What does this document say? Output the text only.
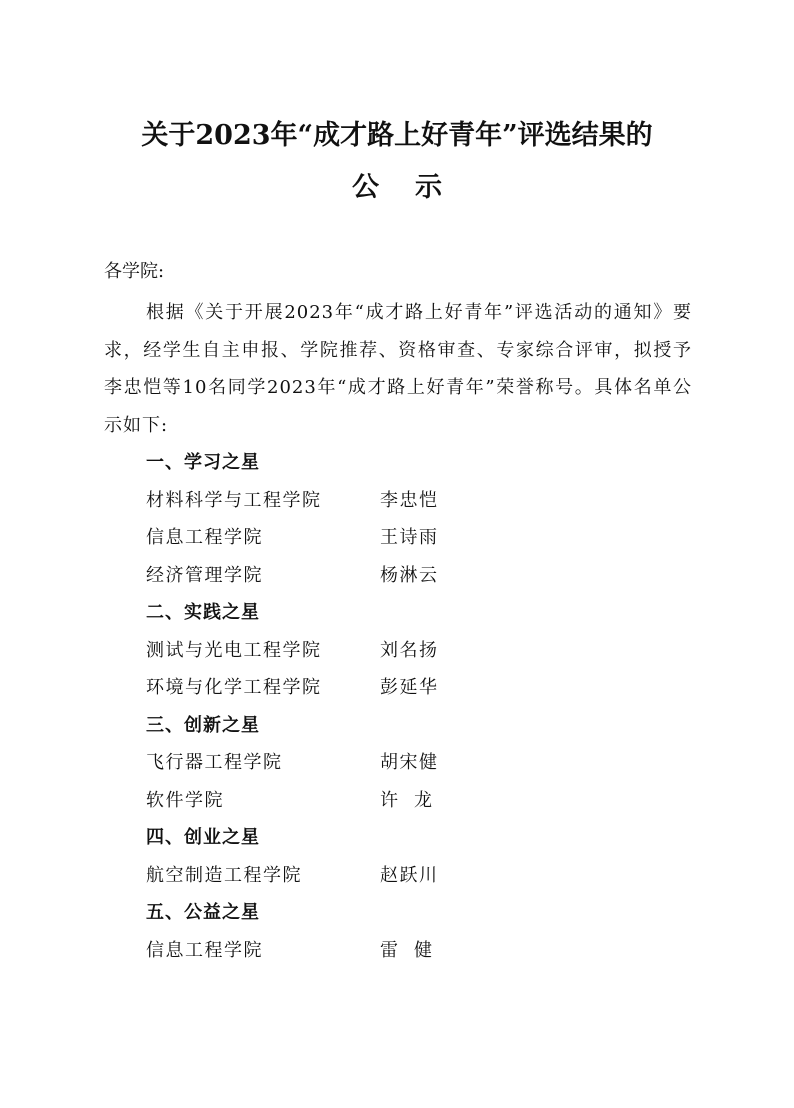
关于2023年“成才路上好青年”评选结果的
公示
各学院:

根据《关于开展2023年“成才路上好青年”评选活动的通知》要求，经学生自主申报、学院推荐、资格审查、专家综合评审，拟授予李忠恺等10名同学2023年“成才路上好青年”荣誉称号。具体名单公示如下:

一、学习之星
材料科学与工程学院	李忠恺
信息工程学院	王诗雨
经济管理学院	杨淋云
二、实践之星
测试与光电工程学院	刘名扬
环境与化学工程学院	彭延华
三、创新之星
飞行器工程学院	胡宋健
软件学院	许  龙
四、创业之星
航空制造工程学院	赵跃川
五、公益之星
信息工程学院	雷  健
